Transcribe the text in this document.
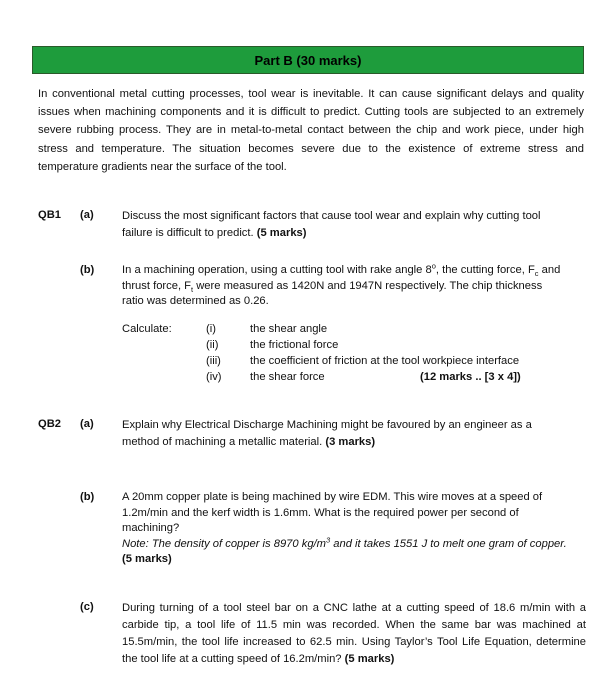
Part B (30 marks)
In conventional metal cutting processes, tool wear is inevitable. It can cause significant delays and quality issues when machining components and it is difficult to predict. Cutting tools are subjected to an extremely severe rubbing process. They are in metal-to-metal contact between the chip and work piece, under high stress and temperature. The situation becomes severe due to the existence of extreme stress and temperature gradients near the surface of the tool.
QB1 (a)	Discuss the most significant factors that cause tool wear and explain why cutting tool failure is difficult to predict. (5 marks)
(b) In a machining operation, using a cutting tool with rake angle 8$^o$, the cutting force, $F_c$ and thrust force, $F_t$ were measured as 1420N and 1947N respectively. The chip thickness ratio was determined as 0.26.
Calculate:	(i)	the shear angle
(ii)	the frictional force
(iii)	the coefficient of friction at the tool workpiece interface
(iv)	the shear force	(12 marks .. [3 x 4])
QB2 (a)	Explain why Electrical Discharge Machining might be favoured by an engineer as a method of machining a metallic material. (3 marks)
(b) A 20mm copper plate is being machined by wire EDM. This wire moves at a speed of 1.2m/min and the kerf width is 1.6mm. What is the required power per second of machining?
Note: The density of copper is 8970 $kg/m^3$ and it takes 1551 J to melt one gram of copper. (5 marks)
(c)	During turning of a tool steel bar on a CNC lathe at a cutting speed of 18.6 m/min with a carbide tip, a tool life of 11.5 min was recorded. When the same bar was machined at 15.5m/min, the tool life increased to 62.5 min. Using Taylor’s Tool Life Equation, determine the tool life at a cutting speed of 16.2m/min? (5 marks)
